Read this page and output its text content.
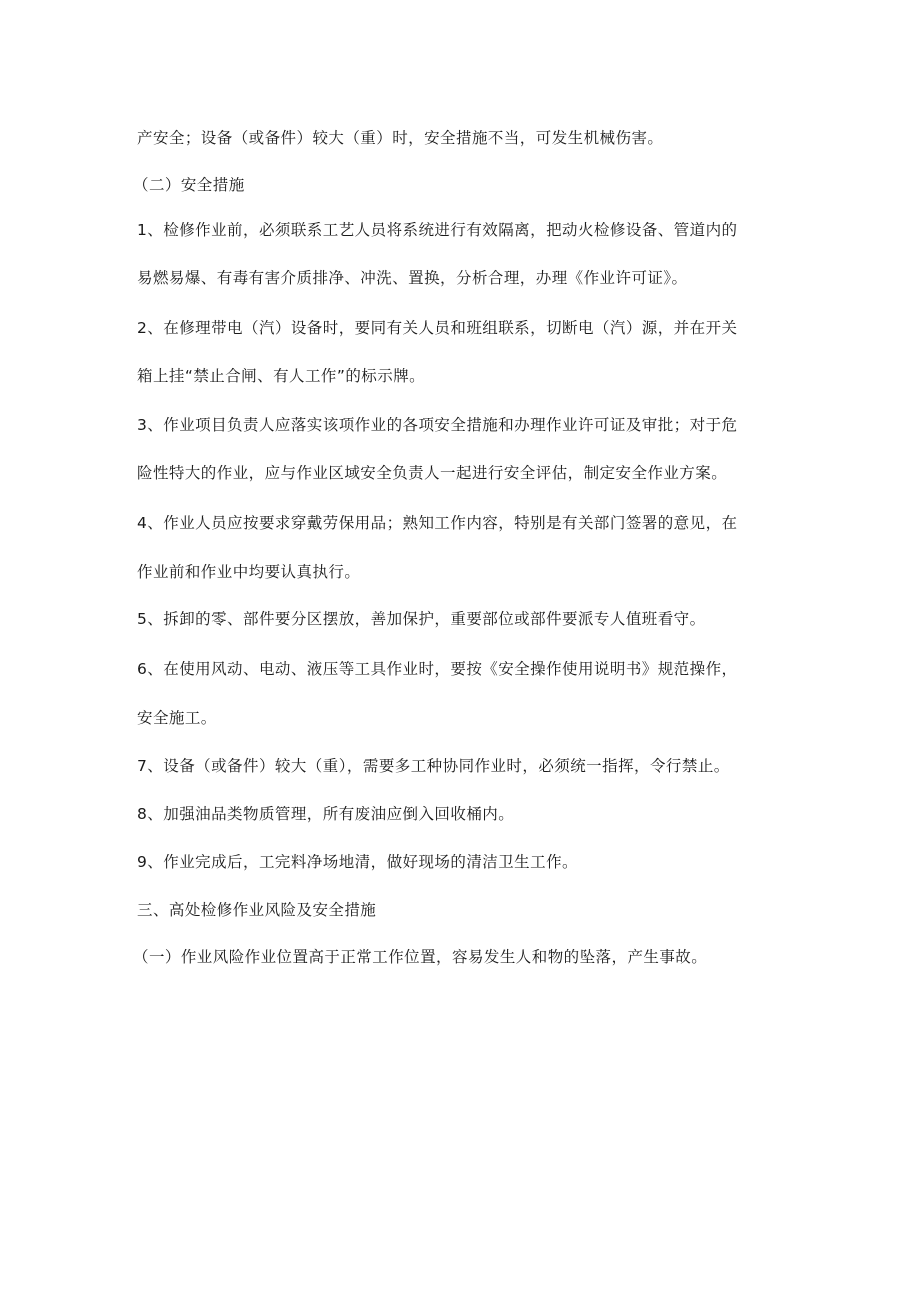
产安全；设备（或备件）较大（重）时，安全措施不当，可发生机械伤害。
（二）安全措施
1、检修作业前，必须联系工艺人员将系统进行有效隔离，把动火检修设备、管道内的
易燃易爆、有毒有害介质排净、冲洗、置换，分析合理，办理《作业许可证》。
2、在修理带电（汽）设备时，要同有关人员和班组联系，切断电（汽）源，并在开关
箱上挂“禁止合闸、有人工作”的标示牌。
3、作业项目负责人应落实该项作业的各项安全措施和办理作业许可证及审批；对于危
险性特大的作业，应与作业区域安全负责人一起进行安全评估，制定安全作业方案。
4、作业人员应按要求穿戴劳保用品；熟知工作内容，特别是有关部门签署的意见，在
作业前和作业中均要认真执行。
5、拆卸的零、部件要分区摆放，善加保护，重要部位或部件要派专人值班看守。
6、在使用风动、电动、液压等工具作业时，要按《安全操作使用说明书》规范操作，
安全施工。
7、设备（或备件）较大（重），需要多工种协同作业时，必须统一指挥，令行禁止。
8、加强油品类物质管理，所有废油应倒入回收桶内。
9、作业完成后，工完料净场地清，做好现场的清洁卫生工作。
三、高处检修作业风险及安全措施
（一）作业风险作业位置高于正常工作位置，容易发生人和物的坠落，产生事故。
